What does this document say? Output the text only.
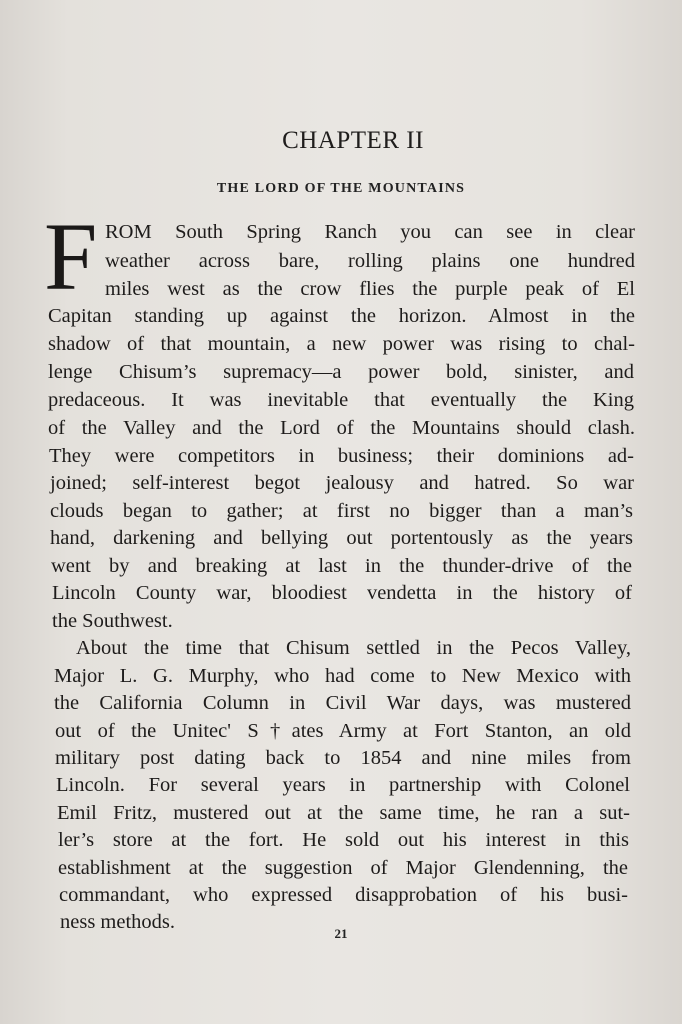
CHAPTER II
THE LORD OF THE MOUNTAINS
F ROM South Spring Ranch you can see in clear
weather across bare, rolling plains one hundred
miles west as the crow flies the purple peak of El
Capitan standing up against the horizon. Almost in the
shadow of that mountain, a new power was rising to chal-
lenge Chisum’s supremacy—a power bold, sinister, and
predaceous. It was inevitable that eventually the King
of the Valley and the Lord of the Mountains should clash.
They were competitors in business; their dominions ad-
joined; self-interest begot jealousy and hatred. So war
clouds began to gather; at first no bigger than a man’s
hand, darkening and bellying out portentously as the years
went by and breaking at last in the thunder-drive of the
Lincoln County war, bloodiest vendetta in the history of
the Southwest.
About the time that Chisum settled in the Pecos Valley,
Major L. G. Murphy, who had come to New Mexico with
the California Column in Civil War days, was mustered
out of the Unitec' S†ates Army at Fort Stanton, an old
military post dating back to 1854 and nine miles from
Lincoln. For several years in partnership with Colonel
Emil Fritz, mustered out at the same time, he ran a sut-
ler’s store at the fort. He sold out his interest in this
establishment at the suggestion of Major Glendenning, the
commandant, who expressed disapprobation of his busi-
ness methods.
21
